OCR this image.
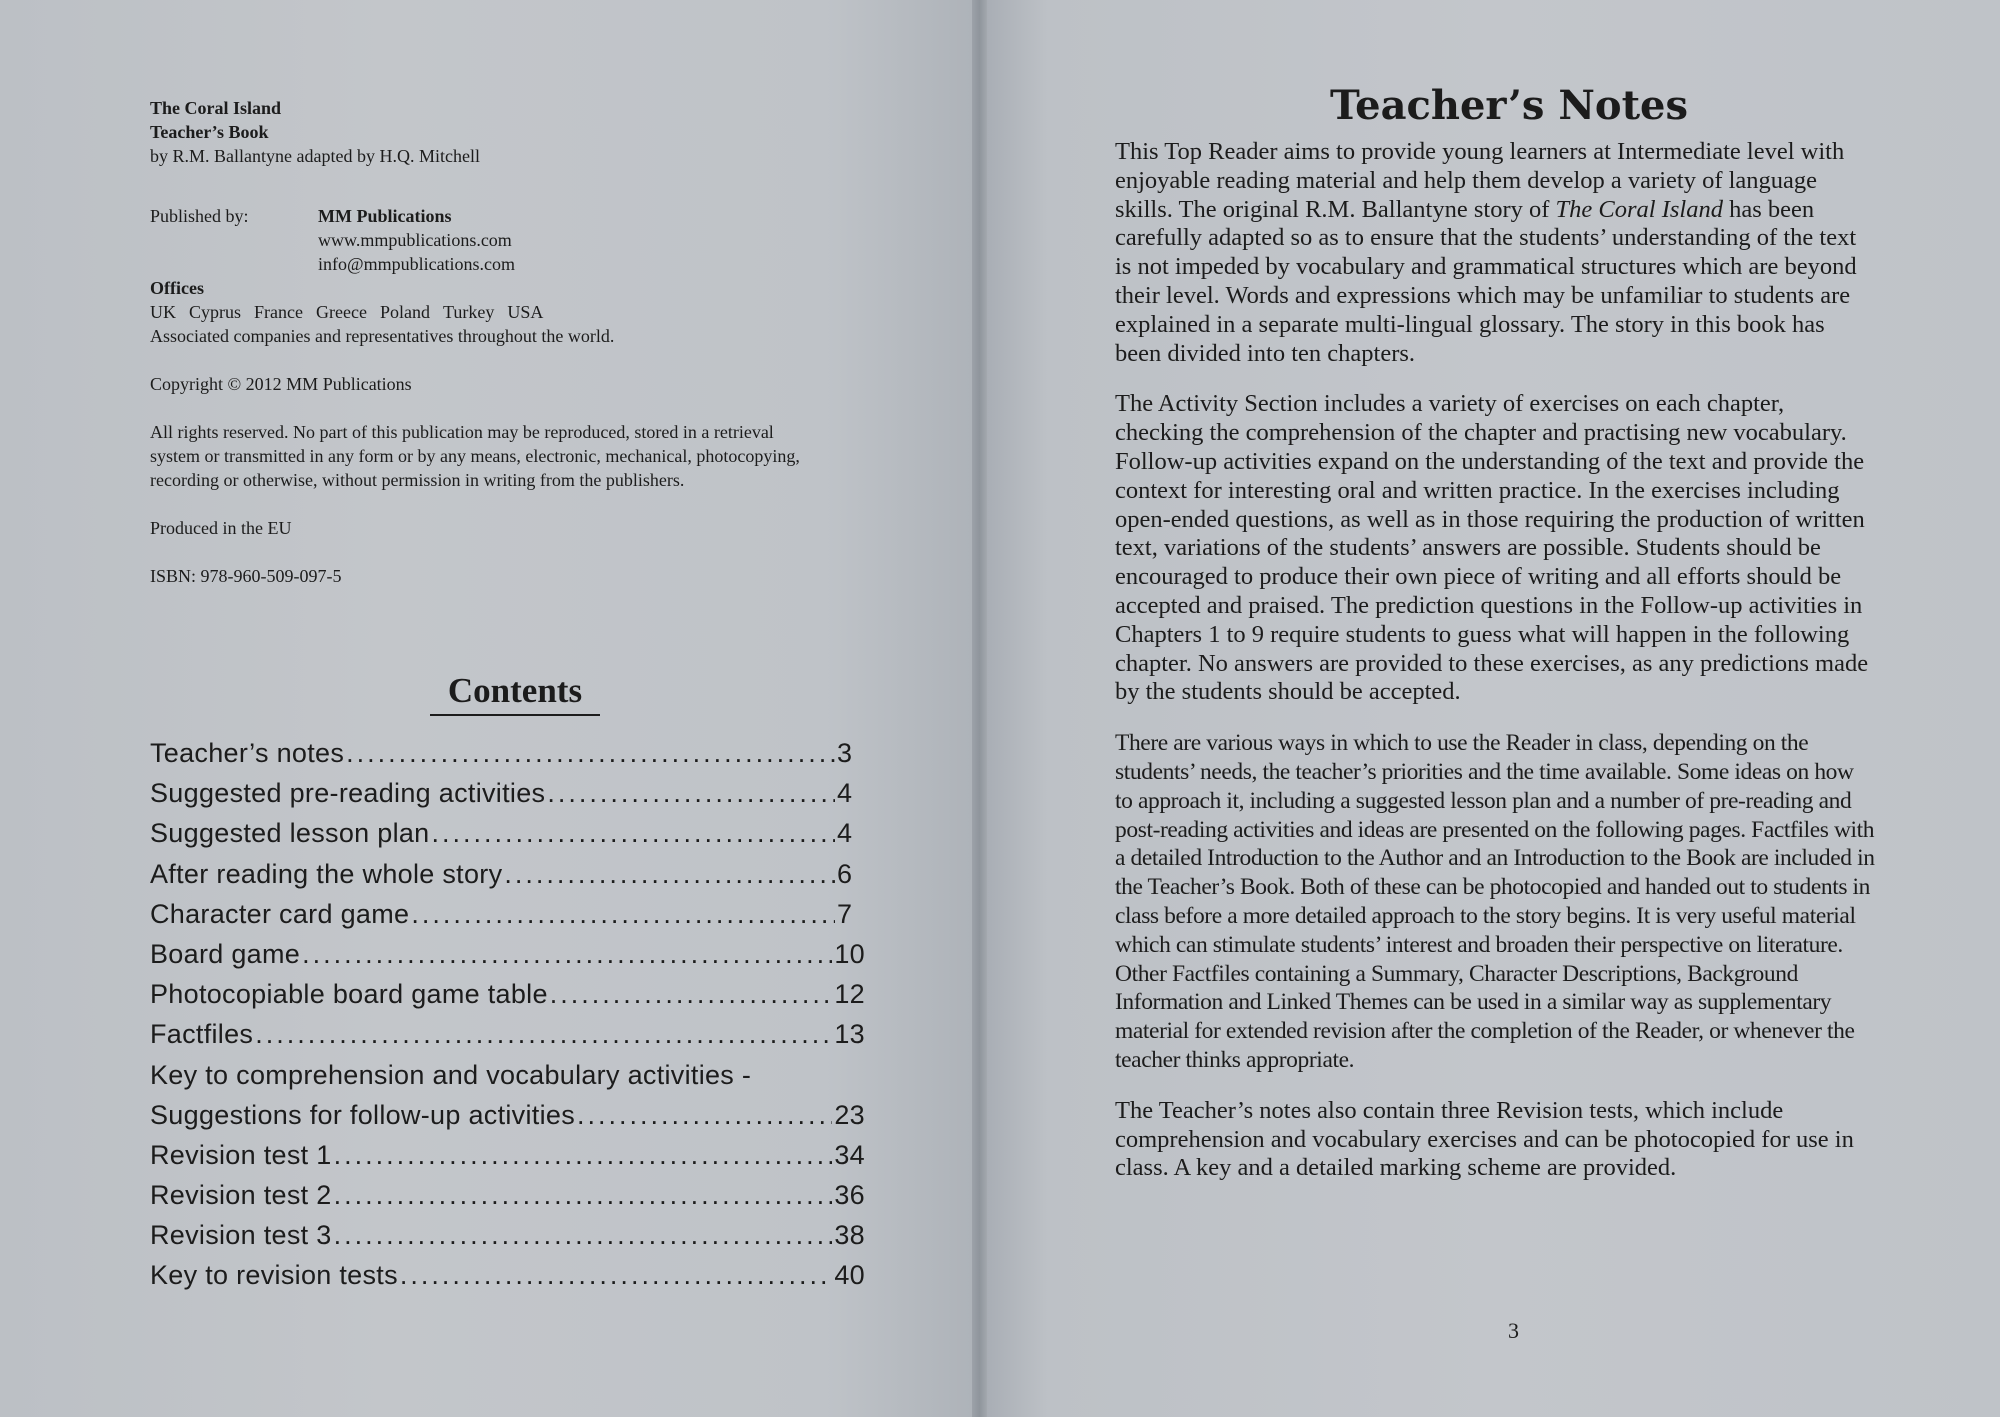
The Coral Island
Teacher’s Book
by R.M. Ballantyne adapted by H.Q. Mitchell
Published by:	MM Publications
www.mmpublications.com
info@mmpublications.com
Offices
UK Cyprus France Greece Poland Turkey USA
Associated companies and representatives throughout the world.
Copyright © 2012 MM Publications
All rights reserved. No part of this publication may be reproduced, stored in a retrieval
system or transmitted in any form or by any means, electronic, mechanical, photocopying,
recording or otherwise, without permission in writing from the publishers.
Produced in the EU
ISBN: 978-960-509-097-5
Contents
Teacher’s notes .....	3
Suggested pre-reading activities .....	4
Suggested lesson plan .....	4
After reading the whole story .....	6
Character card game .....	7
Board game .....	10
Photocopiable board game table .....	12
Factfiles .....	13
Key to comprehension and vocabulary activities -
Suggestions for follow-up activities .....	23
Revision test 1 .....	34
Revision test 2 .....	36
Revision test 3 .....	38
Key to revision tests .....	40
Teacher’s Notes

This Top Reader aims to provide young learners at Intermediate level with enjoyable reading material and help them develop a variety of language skills. The original R.M. Ballantyne story of The Coral Island has been carefully adapted so as to ensure that the students’ understanding of the text is not impeded by vocabulary and grammatical structures which are beyond their level. Words and expressions which may be unfamiliar to students are explained in a separate multi-lingual glossary. The story in this book has been divided into ten chapters.

The Activity Section includes a variety of exercises on each chapter, checking the comprehension of the chapter and practising new vocabulary. Follow-up activities expand on the understanding of the text and provide the context for interesting oral and written practice. In the exercises including open-ended questions, as well as in those requiring the production of written text, variations of the students’ answers are possible. Students should be encouraged to produce their own piece of writing and all efforts should be accepted and praised. The prediction questions in the Follow-up activities in Chapters 1 to 9 require students to guess what will happen in the following chapter. No answers are provided to these exercises, as any predictions made by the students should be accepted.

There are various ways in which to use the Reader in class, depending on the students’ needs, the teacher’s priorities and the time available. Some ideas on how to approach it, including a suggested lesson plan and a number of pre-reading and post-reading activities and ideas are presented on the following pages. Factfiles with a detailed Introduction to the Author and an Introduction to the Book are included in the Teacher’s Book. Both of these can be photocopied and handed out to students in class before a more detailed approach to the story begins. It is very useful material which can stimulate students’ interest and broaden their perspective on literature.
Other Factfiles containing a Summary, Character Descriptions, Background Information and Linked Themes can be used in a similar way as supplementary material for extended revision after the completion of the Reader, or whenever the teacher thinks appropriate.

The Teacher’s notes also contain three Revision tests, which include comprehension and vocabulary exercises and can be photocopied for use in class. A key and a detailed marking scheme are provided.

3
